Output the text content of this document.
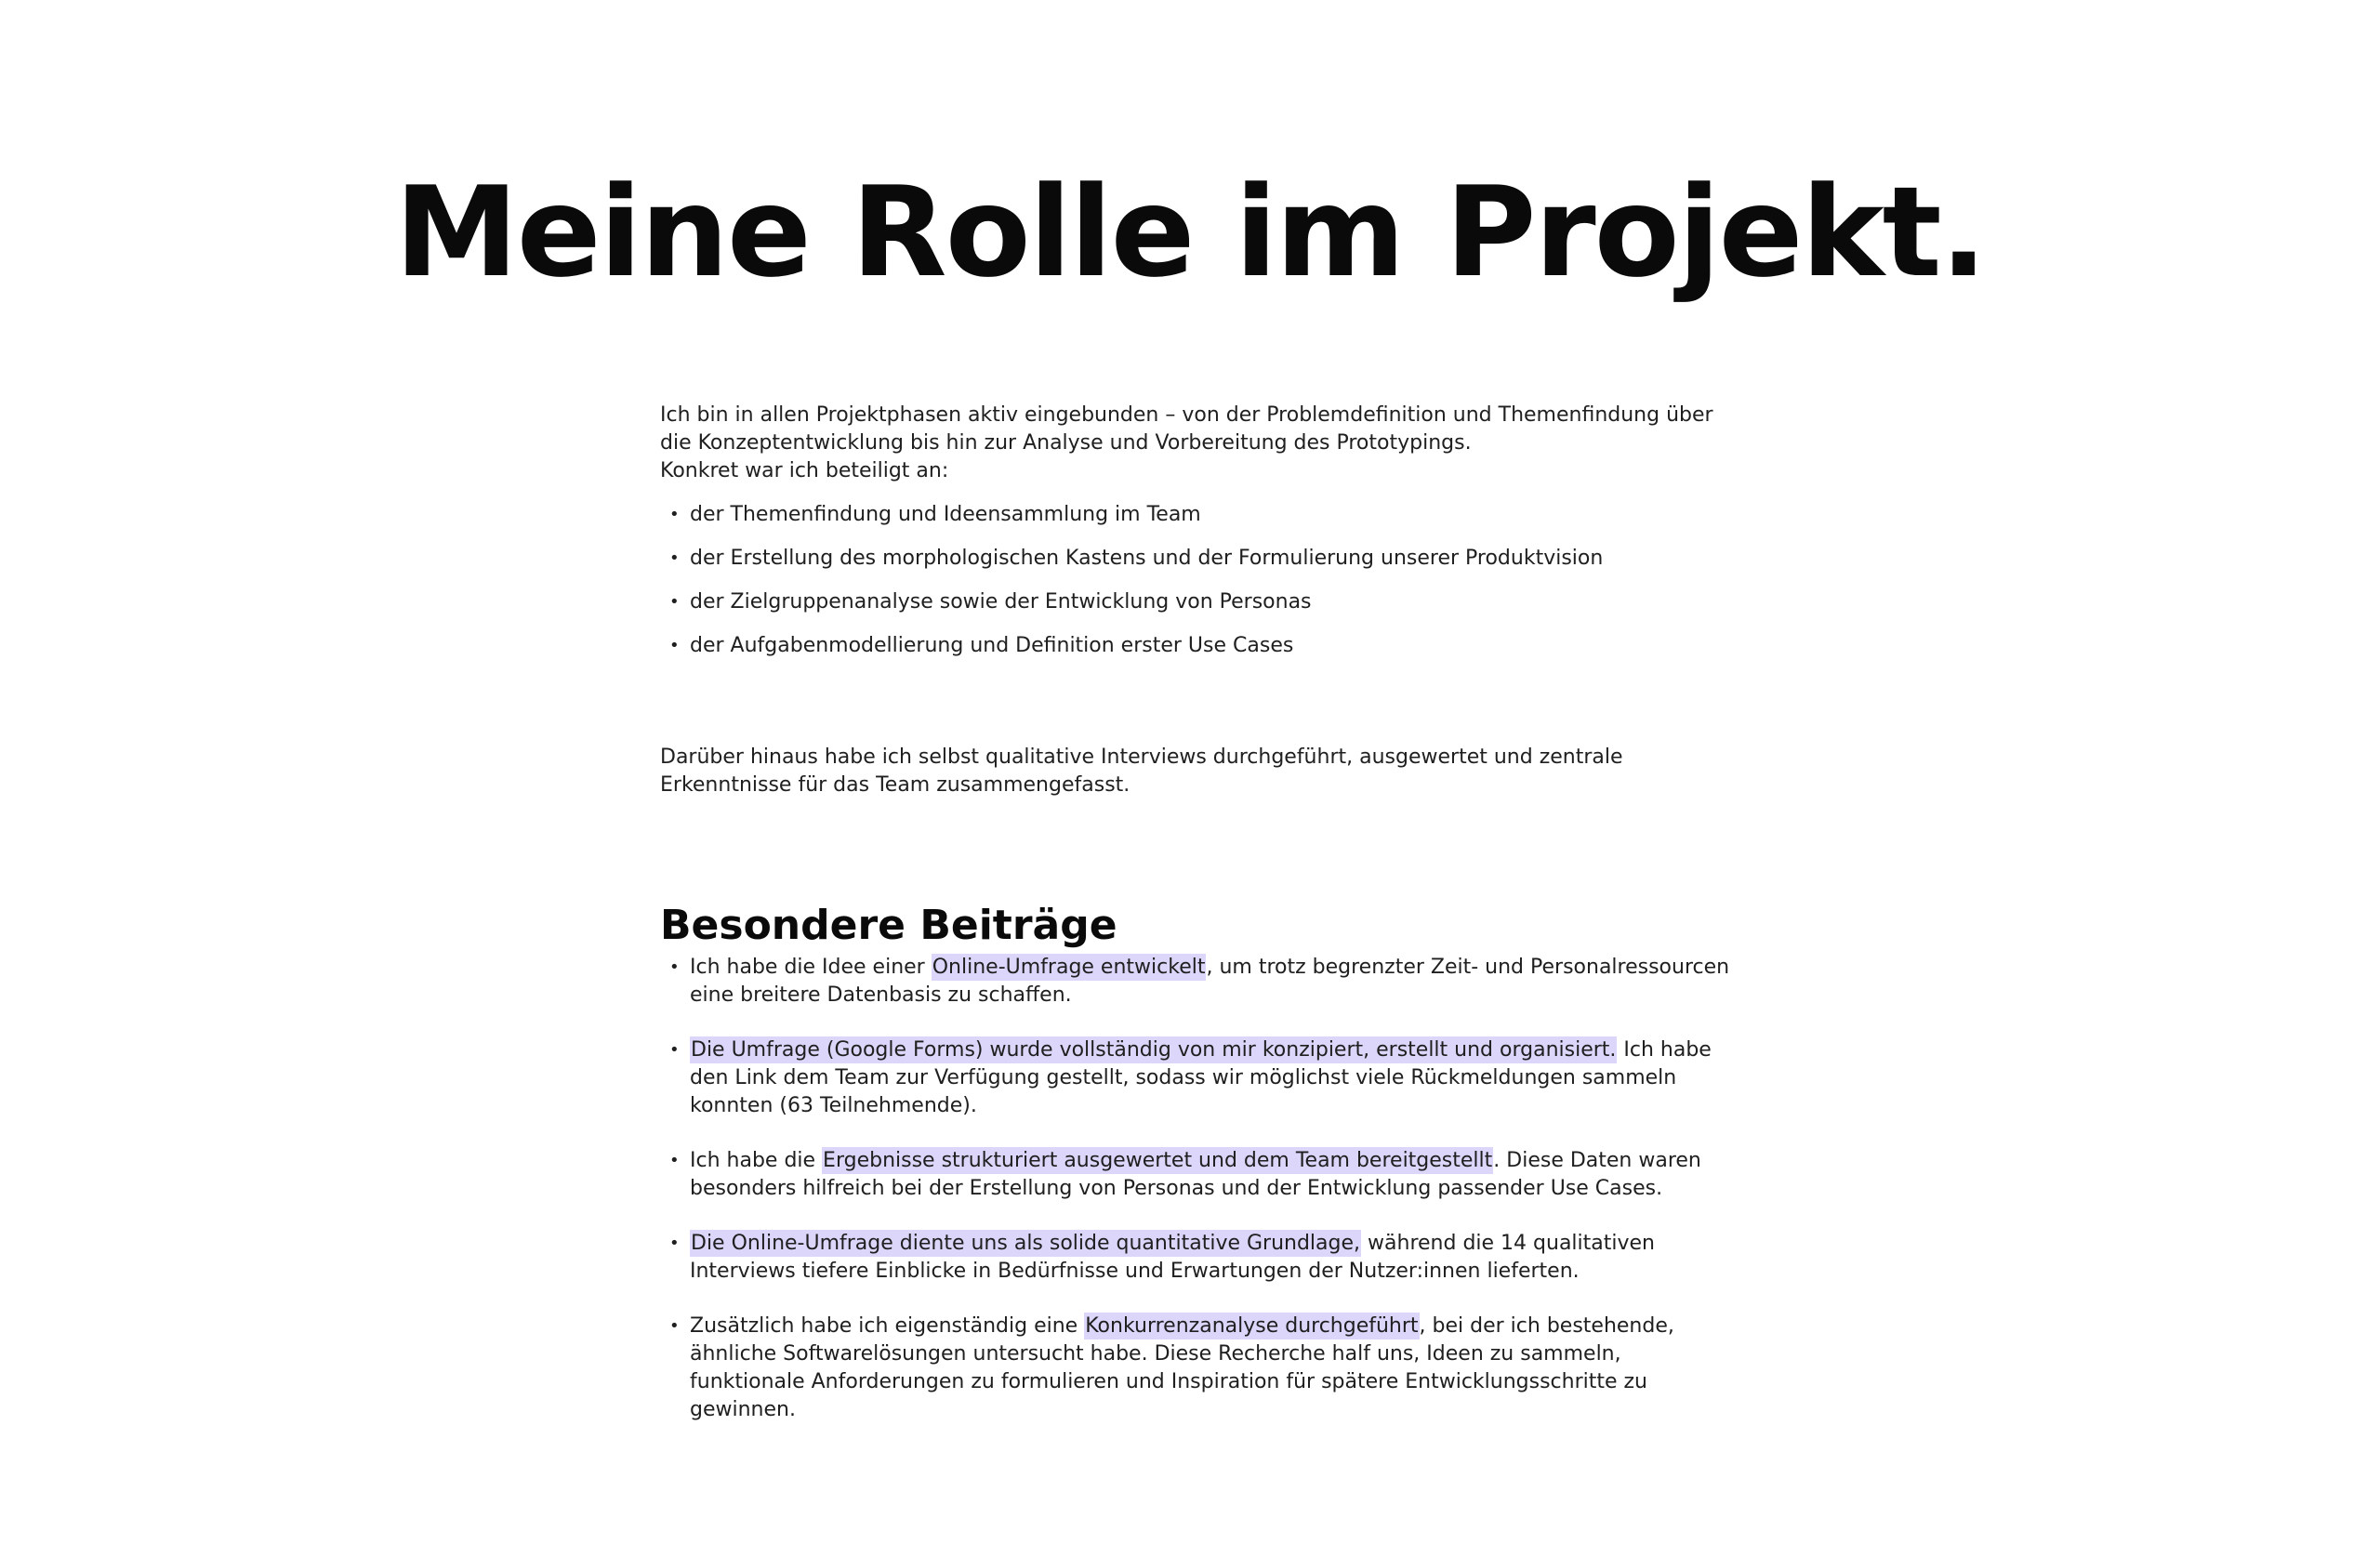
Meine Rolle im Projekt.

Ich bin in allen Projektphasen aktiv eingebunden – von der Problemdefinition und Themenfindung über die Konzeptentwicklung bis hin zur Analyse und Vorbereitung des Prototypings.

Konkret war ich beteiligt an:

• der Themenfindung und Ideensammlung im Team
• der Erstellung des morphologischen Kastens und der Formulierung unserer Produktvision
• der Zielgruppenanalyse sowie der Entwicklung von Personas
• der Aufgabenmodellierung und Definition erster Use Cases

Darüber hinaus habe ich selbst qualitative Interviews durchgeführt, ausgewertet und zentrale Erkenntnisse für das Team zusammengefasst.

Besondere Beiträge
• Ich habe die Idee einer Online-Umfrage entwickelt, um trotz begrenzter Zeit- und Personalressourcen eine breitere Datenbasis zu schaffen.
• Die Umfrage (Google Forms) wurde vollständig von mir konzipiert, erstellt und organisiert. Ich habe den Link dem Team zur Verfügung gestellt, sodass wir möglichst viele Rückmeldungen sammeln konnten (63 Teilnehmende).
• Ich habe die Ergebnisse strukturiert ausgewertet und dem Team bereitgestellt. Diese Daten waren besonders hilfreich bei der Erstellung von Personas und der Entwicklung passender Use Cases.
• Die Online-Umfrage diente uns als solide quantitative Grundlage, während die 14 qualitativen Interviews tiefere Einblicke in Bedürfnisse und Erwartungen der Nutzer:innen lieferten.
• Zusätzlich habe ich eigenständig eine Konkurrenzanalyse durchgeführt, bei der ich bestehende, ähnliche Softwarelösungen untersucht habe. Diese Recherche half uns, Ideen zu sammeln, funktionale Anforderungen zu formulieren und Inspiration für spätere Entwicklungsschritte zu gewinnen.
